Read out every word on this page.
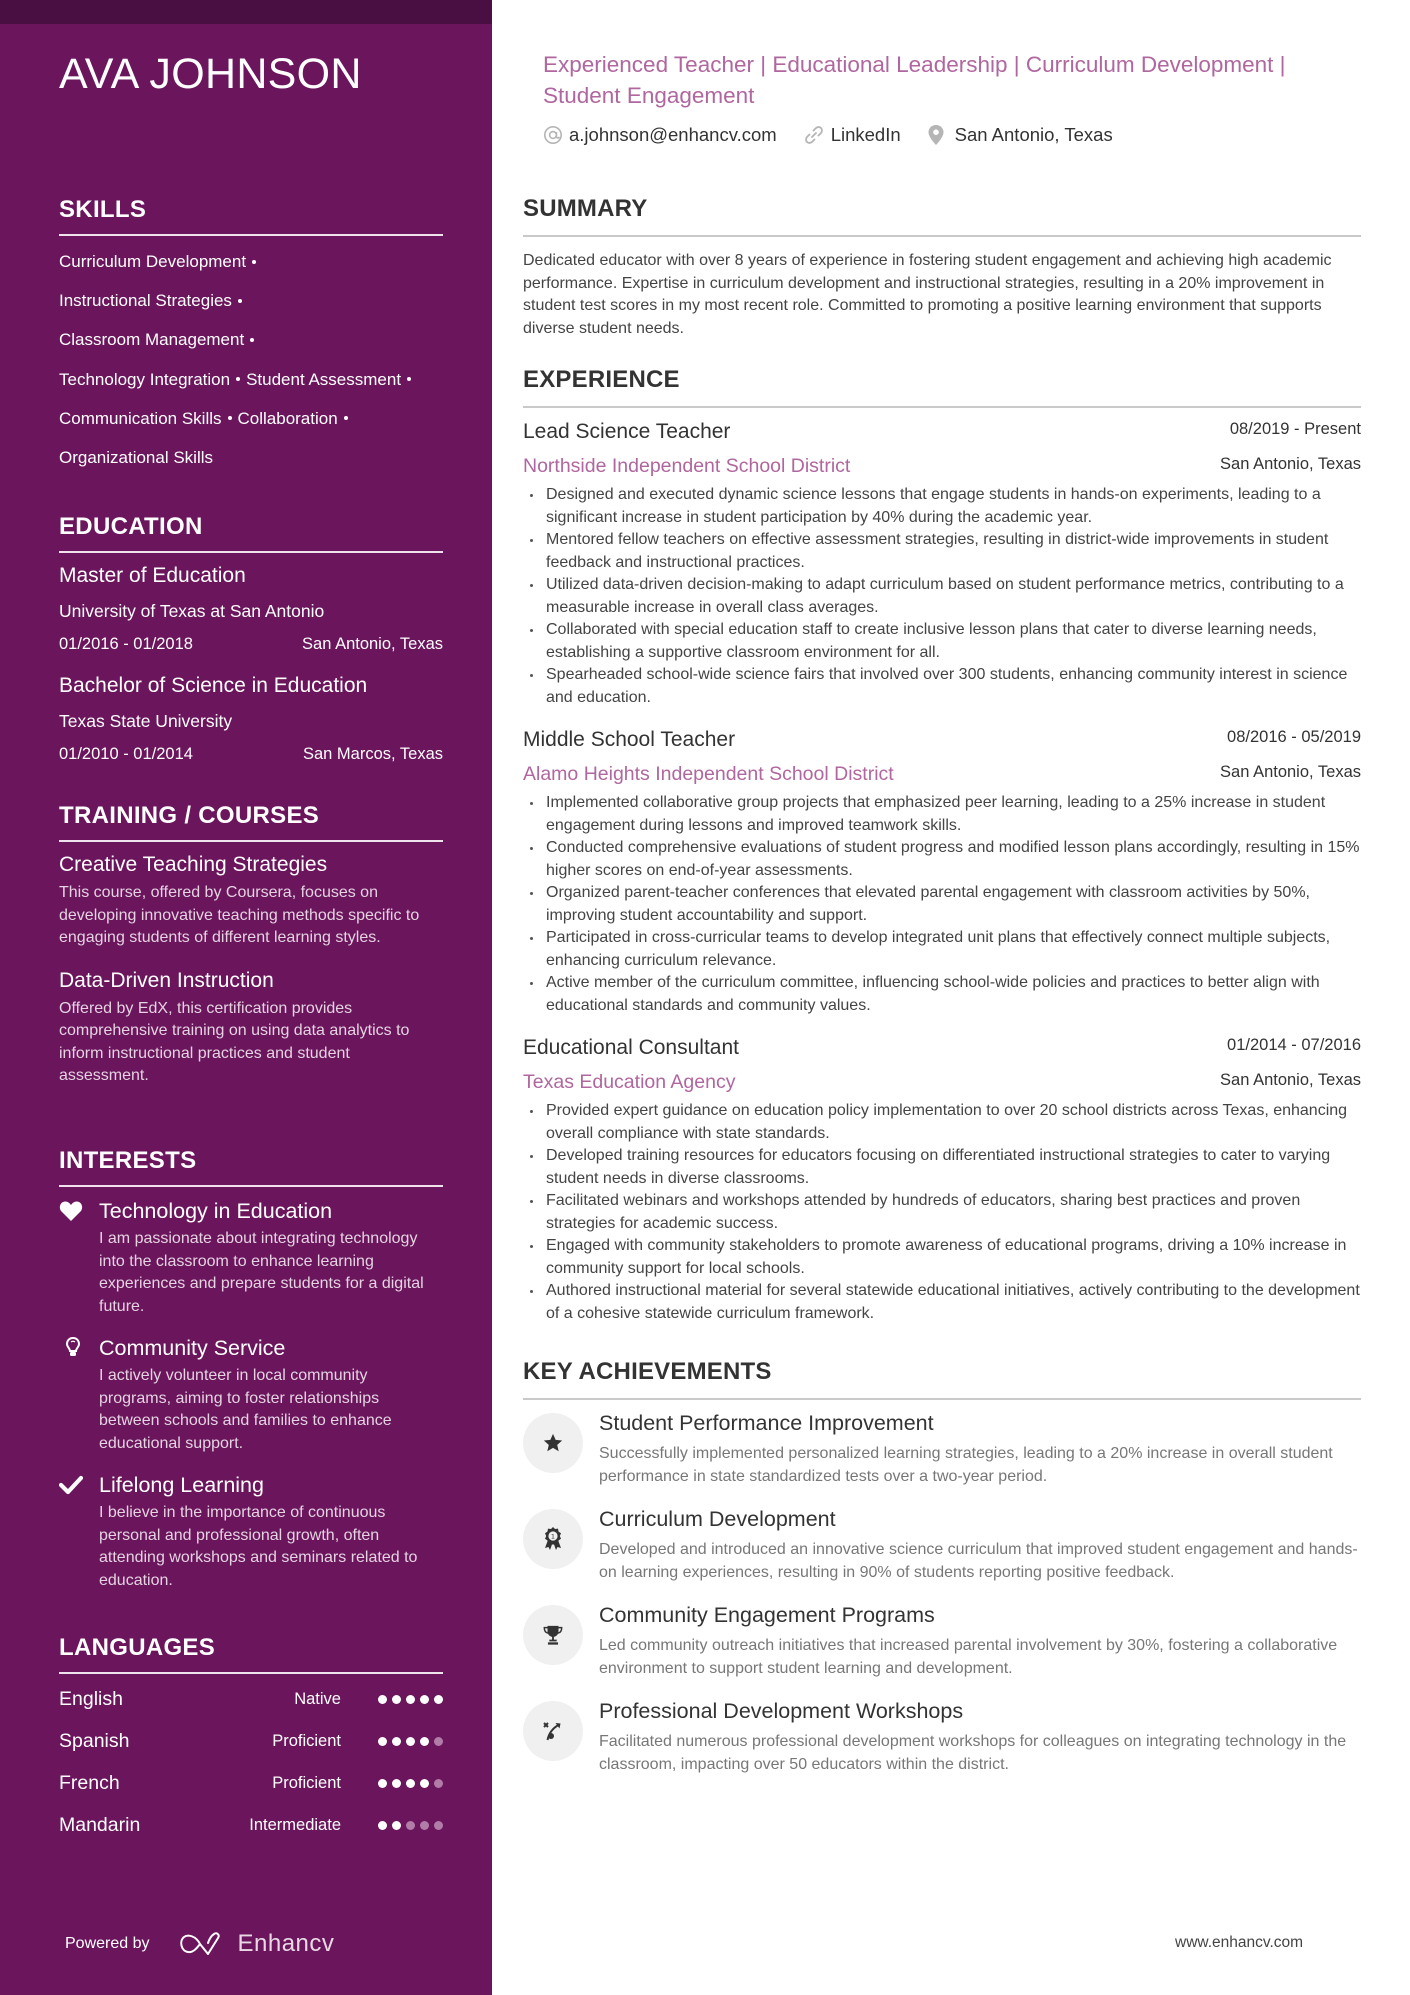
AVA JOHNSON
SKILLS
Curriculum Development
Instructional Strategies
Classroom Management
Technology Integration Student Assessment
Communication Skills Collaboration
Organizational Skills
EDUCATION
Master of Education
University of Texas at San Antonio
01/2016 - 01/2018	San Antonio, Texas
Bachelor of Science in Education
Texas State University
01/2010 - 01/2014	San Marcos, Texas
TRAINING / COURSES
Creative Teaching Strategies
This course, offered by Coursera, focuses on developing innovative teaching methods specific to engaging students of different learning styles.
Data-Driven Instruction
Offered by EdX, this certification provides comprehensive training on using data analytics to inform instructional practices and student assessment.
INTERESTS
Technology in Education
I am passionate about integrating technology into the classroom to enhance learning experiences and prepare students for a digital future.
Community Service
I actively volunteer in local community programs, aiming to foster relationships between schools and families to enhance educational support.
Lifelong Learning
I believe in the importance of continuous personal and professional growth, often attending workshops and seminars related to education.
LANGUAGES
English	Native
Spanish	Proficient
French	Proficient
Mandarin	Intermediate
Powered by	Enhancv
Experienced Teacher | Educational Leadership | Curriculum Development | Student Engagement
a.johnson@enhancv.com	LinkedIn	San Antonio, Texas
SUMMARY
Dedicated educator with over 8 years of experience in fostering student engagement and achieving high academic performance. Expertise in curriculum development and instructional strategies, resulting in a 20% improvement in student test scores in my most recent role. Committed to promoting a positive learning environment that supports diverse student needs.
EXPERIENCE
Lead Science Teacher	08/2019 - Present
Northside Independent School District	San Antonio, Texas
Designed and executed dynamic science lessons that engage students in hands-on experiments, leading to a significant increase in student participation by 40% during the academic year.
Mentored fellow teachers on effective assessment strategies, resulting in district-wide improvements in student feedback and instructional practices.
Utilized data-driven decision-making to adapt curriculum based on student performance metrics, contributing to a measurable increase in overall class averages.
Collaborated with special education staff to create inclusive lesson plans that cater to diverse learning needs, establishing a supportive classroom environment for all.
Spearheaded school-wide science fairs that involved over 300 students, enhancing community interest in science and education.
Middle School Teacher	08/2016 - 05/2019
Alamo Heights Independent School District	San Antonio, Texas
Implemented collaborative group projects that emphasized peer learning, leading to a 25% increase in student engagement during lessons and improved teamwork skills.
Conducted comprehensive evaluations of student progress and modified lesson plans accordingly, resulting in 15% higher scores on end-of-year assessments.
Organized parent-teacher conferences that elevated parental engagement with classroom activities by 50%, improving student accountability and support.
Participated in cross-curricular teams to develop integrated unit plans that effectively connect multiple subjects, enhancing curriculum relevance.
Active member of the curriculum committee, influencing school-wide policies and practices to better align with educational standards and community values.
Educational Consultant	01/2014 - 07/2016
Texas Education Agency	San Antonio, Texas
Provided expert guidance on education policy implementation to over 20 school districts across Texas, enhancing overall compliance with state standards.
Developed training resources for educators focusing on differentiated instructional strategies to cater to varying student needs in diverse classrooms.
Facilitated webinars and workshops attended by hundreds of educators, sharing best practices and proven strategies for academic success.
Engaged with community stakeholders to promote awareness of educational programs, driving a 10% increase in community support for local schools.
Authored instructional material for several statewide educational initiatives, actively contributing to the development of a cohesive statewide curriculum framework.
KEY ACHIEVEMENTS
Student Performance Improvement
Successfully implemented personalized learning strategies, leading to a 20% increase in overall student performance in state standardized tests over a two-year period.
1
Curriculum Development
Developed and introduced an innovative science curriculum that improved student engagement and hands-on learning experiences, resulting in 90% of students reporting positive feedback.
Community Engagement Programs
Led community outreach initiatives that increased parental involvement by 30%, fostering a collaborative environment to support student learning and development.
Professional Development Workshops
Facilitated numerous professional development workshops for colleagues on integrating technology in the classroom, impacting over 50 educators within the district.
www.enhancv.com
